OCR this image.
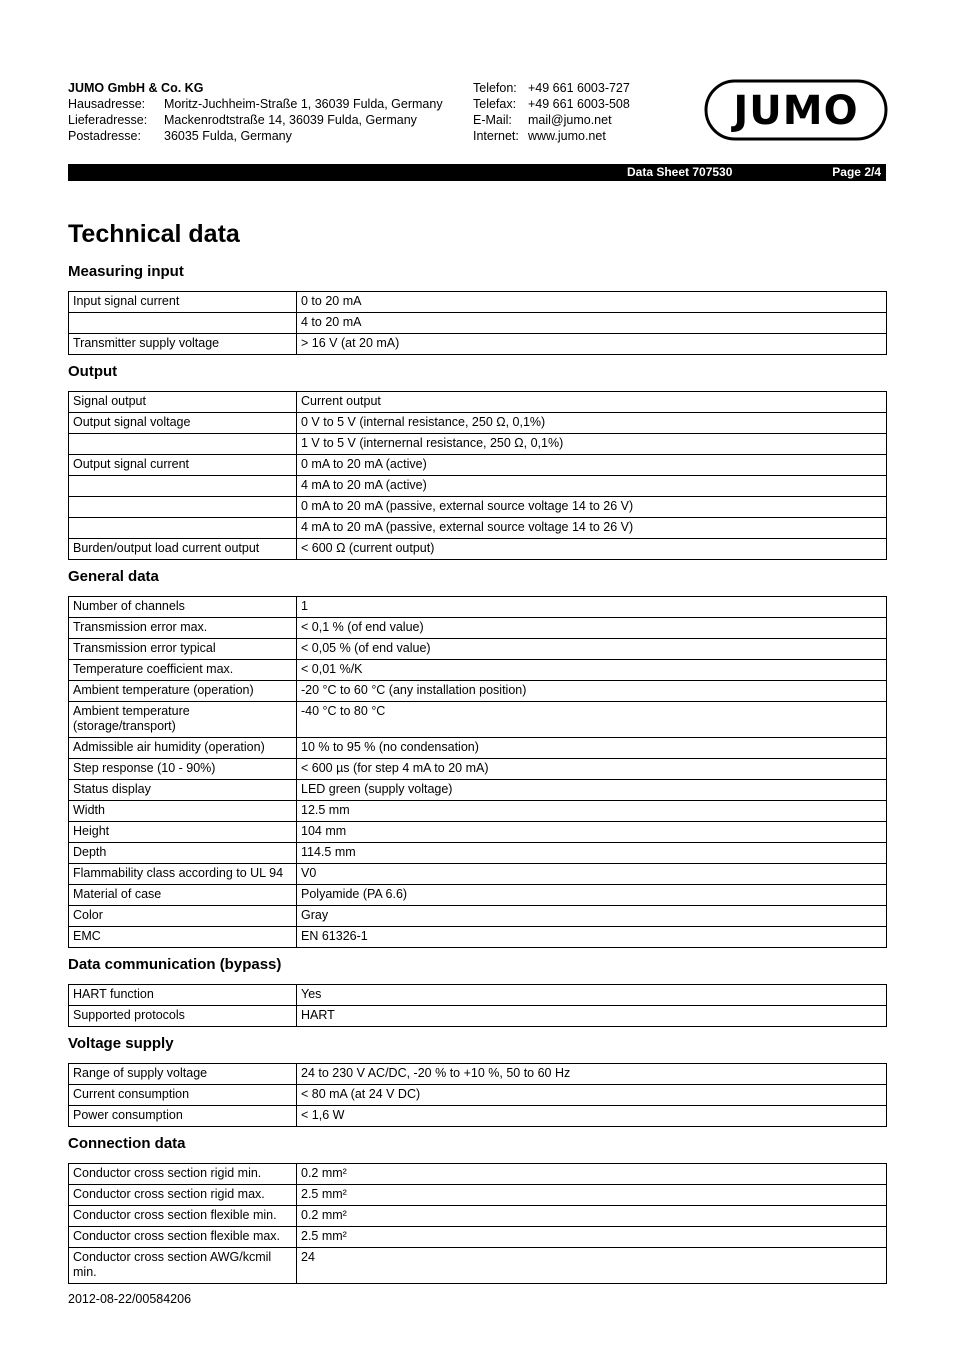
JUMO GmbH & Co. KG
Hausadresse:	Moritz-Juchheim-Straße 1, 36039 Fulda, Germany
Lieferadresse:	Mackenrodtstraße 14, 36039 Fulda, Germany
Postadresse:	36035 Fulda, Germany
Telefon: +49 661 6003-727
Telefax: +49 661 6003-508
E-Mail:	mail@jumo.net
Internet: www.jumo.net
JUMO
Data Sheet 707530	Page 2/4
Technical data
Measuring input
Input signal current	0 to 20 mA
	4 to 20 mA
Transmitter supply voltage	> 16 V (at 20 mA)
Output
Signal output	Current output
Output signal voltage	0 V to 5 V (internal resistance, 250 Ω, 0,1%)
	1 V to 5 V (internernal resistance, 250 Ω, 0,1%)
Output signal current	0 mA to 20 mA (active)
	4 mA to 20 mA (active)
	0 mA to 20 mA (passive, external source voltage 14 to 26 V)
	4 mA to 20 mA (passive, external source voltage 14 to 26 V)
Burden/output load current output	< 600 Ω (current output)
General data
Number of channels	1
Transmission error max.	< 0,1 % (of end value)
Transmission error typical	< 0,05 % (of end value)
Temperature coefficient max.	< 0,01 %/K
Ambient temperature (operation)	-20 °C to 60 °C (any installation position)
Ambient temperature (storage/transport)	-40 °C to 80 °C
Admissible air humidity (operation)	10 % to 95 % (no condensation)
Step response (10 - 90%)	< 600 µs (for step 4 mA to 20 mA)
Status display	LED green (supply voltage)
Width	12.5 mm
Height	104 mm
Depth	114.5 mm
Flammability class according to UL 94	V0
Material of case	Polyamide (PA 6.6)
Color	Gray
EMC	EN 61326-1
Data communication (bypass)
HART function	Yes
Supported protocols	HART
Voltage supply
Range of supply voltage	24 to 230 V AC/DC, -20 % to +10 %, 50 to 60 Hz
Current consumption	< 80 mA (at 24 V DC)
Power consumption	< 1,6 W
Connection data
Conductor cross section rigid min.	0.2 mm²
Conductor cross section rigid max.	2.5 mm²
Conductor cross section flexible min.	0.2 mm²
Conductor cross section flexible max.	2.5 mm²
Conductor cross section AWG/kcmil min.	24
2012-08-22/00584206
